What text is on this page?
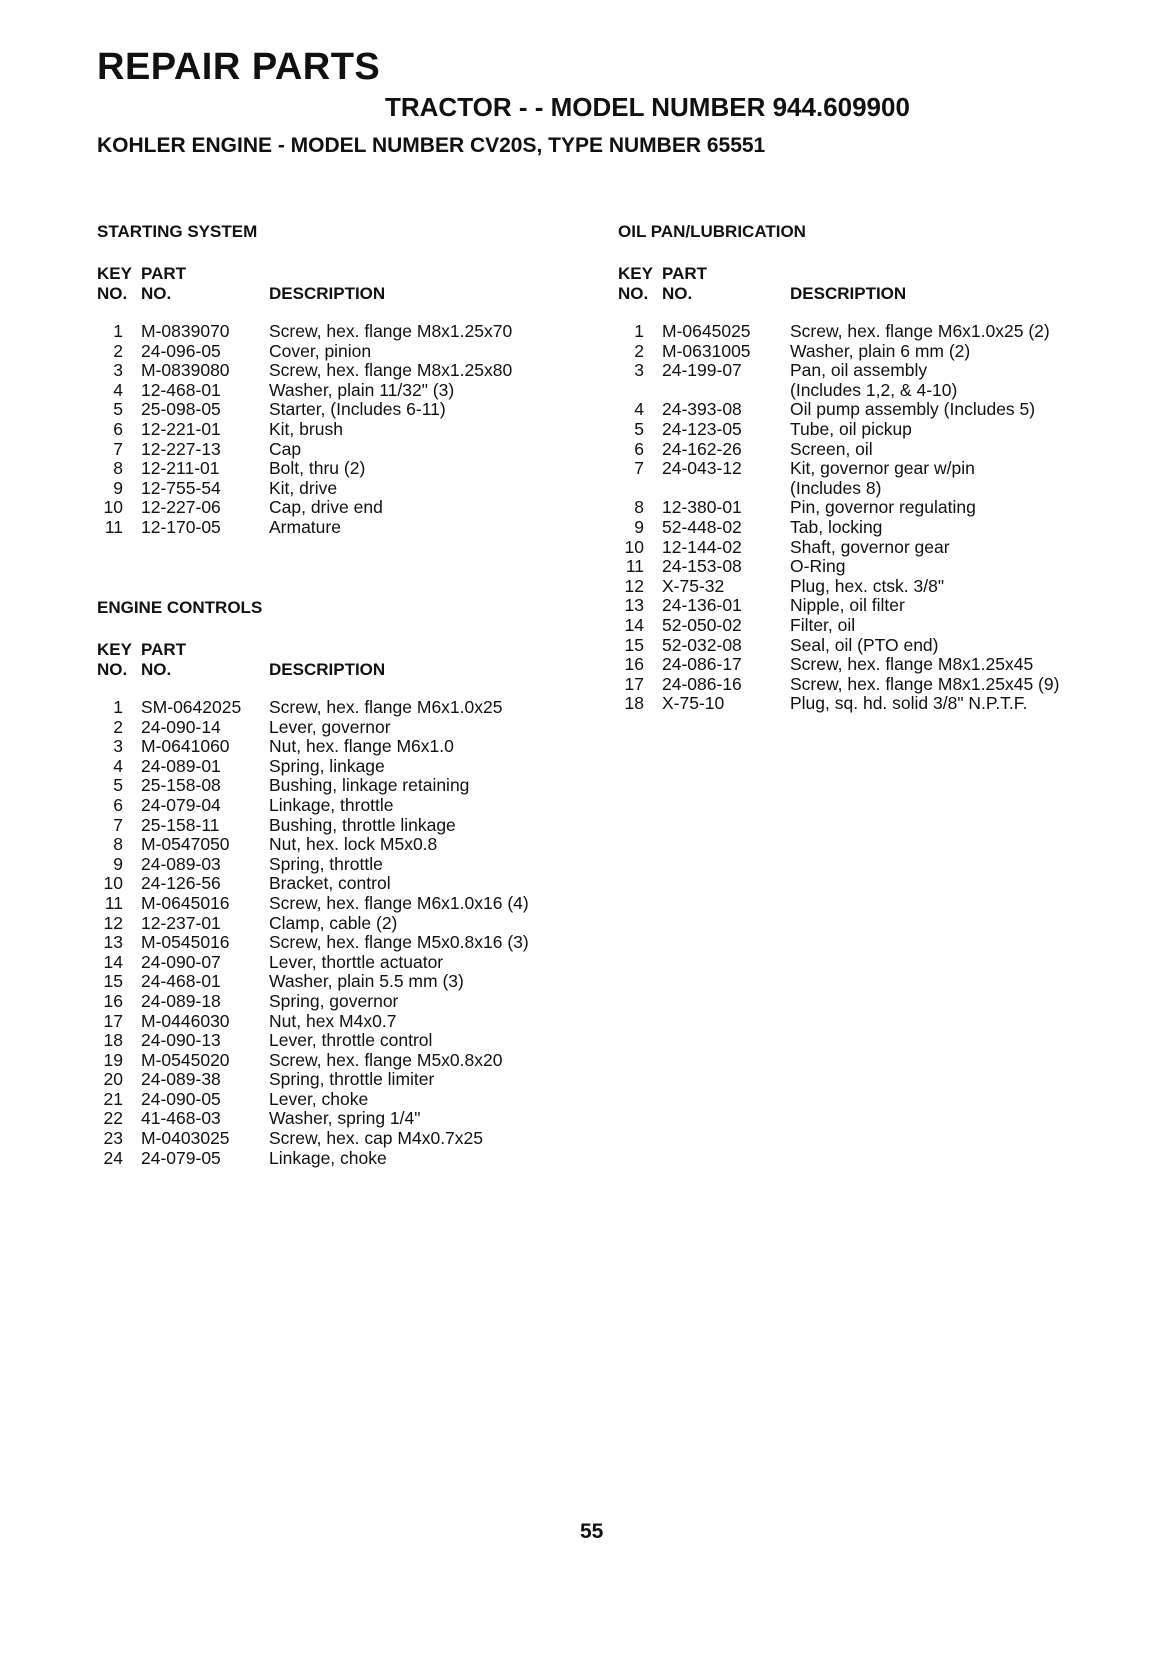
REPAIR PARTS
TRACTOR - - MODEL NUMBER 944.609900
KOHLER ENGINE - MODEL NUMBER CV20S, TYPE NUMBER 65551
STARTING SYSTEM
KEY PART
NO. NO.	DESCRIPTION
1 M-0839070 Screw, hex. flange M8x1.25x70
2 24-096-05	Cover, pinion
3 M-0839080 Screw, hex. flange M8x1.25x80
4 12-468-01	Washer, plain 11/32" (3)
5 25-098-05	Starter, (Includes 6-11)
6 12-221-01	Kit, brush
7 12-227-13	Cap
8 12-211-01	Bolt, thru (2)
9 12-755-54	Kit, drive
10 12-227-06	Cap, drive end
11 12-170-05	Armature
ENGINE CONTROLS
KEY PART
NO. NO.	DESCRIPTION
1 SM-0642025 Screw, hex. flange M6x1.0x25
2 24-090-14	Lever, governor
3 M-0641060 Nut, hex. flange M6x1.0
4 24-089-01	Spring, linkage
5 25-158-08	Bushing, linkage retaining
6 24-079-04	Linkage, throttle
7 25-158-11	Bushing, throttle linkage
8 M-0547050 Nut, hex. lock M5x0.8
9 24-089-03	Spring, throttle
10 24-126-56	Bracket, control
11 M-0645016 Screw, hex. flange M6x1.0x16 (4)
12 12-237-01	Clamp, cable (2)
13 M-0545016 Screw, hex. flange M5x0.8x16 (3)
14 24-090-07	Lever, thorttle actuator
15 24-468-01	Washer, plain 5.5 mm (3)
16 24-089-18	Spring, governor
17 M-0446030 Nut, hex M4x0.7
18 24-090-13	Lever, throttle control
19 M-0545020 Screw, hex. flange M5x0.8x20
20 24-089-38	Spring, throttle limiter
21 24-090-05	Lever, choke
22 41-468-03	Washer, spring 1/4"
23 M-0403025 Screw, hex. cap M4x0.7x25
24 24-079-05	Linkage, choke
OIL PAN/LUBRICATION
KEY PART
NO. NO.	DESCRIPTION
1 M-0645025 Screw, hex. flange M6x1.0x25 (2)
2 M-0631005 Washer, plain 6 mm (2)
3 24-199-07	Pan, oil assembly
(Includes 1,2, & 4-10)
4 24-393-08	Oil pump assembly (Includes 5)
5 24-123-05	Tube, oil pickup
6 24-162-26	Screen, oil
7 24-043-12	Kit, governor gear w/pin
(Includes 8)
8 12-380-01	Pin, governor regulating
9 52-448-02	Tab, locking
10 12-144-02	Shaft, governor gear
11 24-153-08	O-Ring
12 X-75-32	Plug, hex. ctsk. 3/8"
13 24-136-01	Nipple, oil filter
14 52-050-02	Filter, oil
15 52-032-08	Seal, oil (PTO end)
16 24-086-17	Screw, hex. flange M8x1.25x45
17 24-086-16	Screw, hex. flange M8x1.25x45 (9)
18 X-75-10	Plug, sq. hd. solid 3/8" N.P.T.F.

55
